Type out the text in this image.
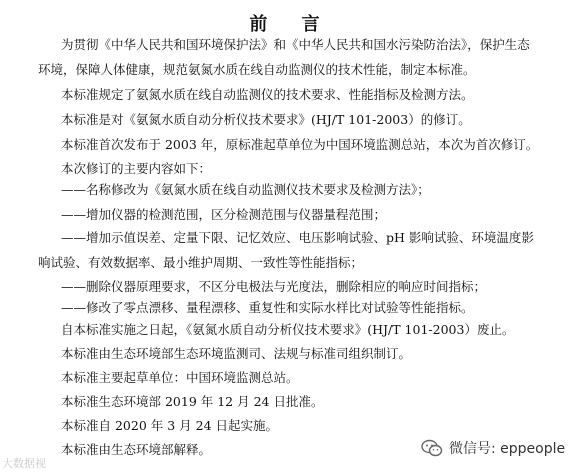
前 言
为贯彻《中华人民共和国环境保护法》和《中华人民共和国水污染防治法》，保护生态
环境，保障人体健康，规范氨氮水质在线自动监测仪的技术性能，制定本标准。
本标准规定了氨氮水质在线自动监测仪的技术要求、性能指标及检测方法。
本标准是对《氨氮水质自动分析仪技术要求》(HJ/T 101-2003）的修订。
本标准首次发布于 2003 年，原标准起草单位为中国环境监测总站，本次为首次修订。
本次修订的主要内容如下：
——名称修改为《氨氮水质在线自动监测仪技术要求及检测方法》；
——增加仪器的检测范围，区分检测范围与仪器量程范围；
——增加示值误差、定量下限、记忆效应、电压影响试验、pH 影响试验、环境温度影
响试验、有效数据率、最小维护周期、一致性等性能指标；
——删除仪器原理要求，不区分电极法与光度法，删除相应的响应时间指标；
——修改了零点漂移、量程漂移、重复性和实际水样比对试验等性能指标。
自本标准实施之日起，《氨氮水质自动分析仪技术要求》(HJ/T 101-2003）废止。
本标准由生态环境部生态环境监测司、法规与标准司组织制订。
本标准主要起草单位：中国环境监测总站。
本标准生态环境部 2019 年 12 月 24 日批准。
本标准自 2020 年 3 月 24 日起实施。
本标准由生态环境部解释。
大数据视
微信号: eppeople
